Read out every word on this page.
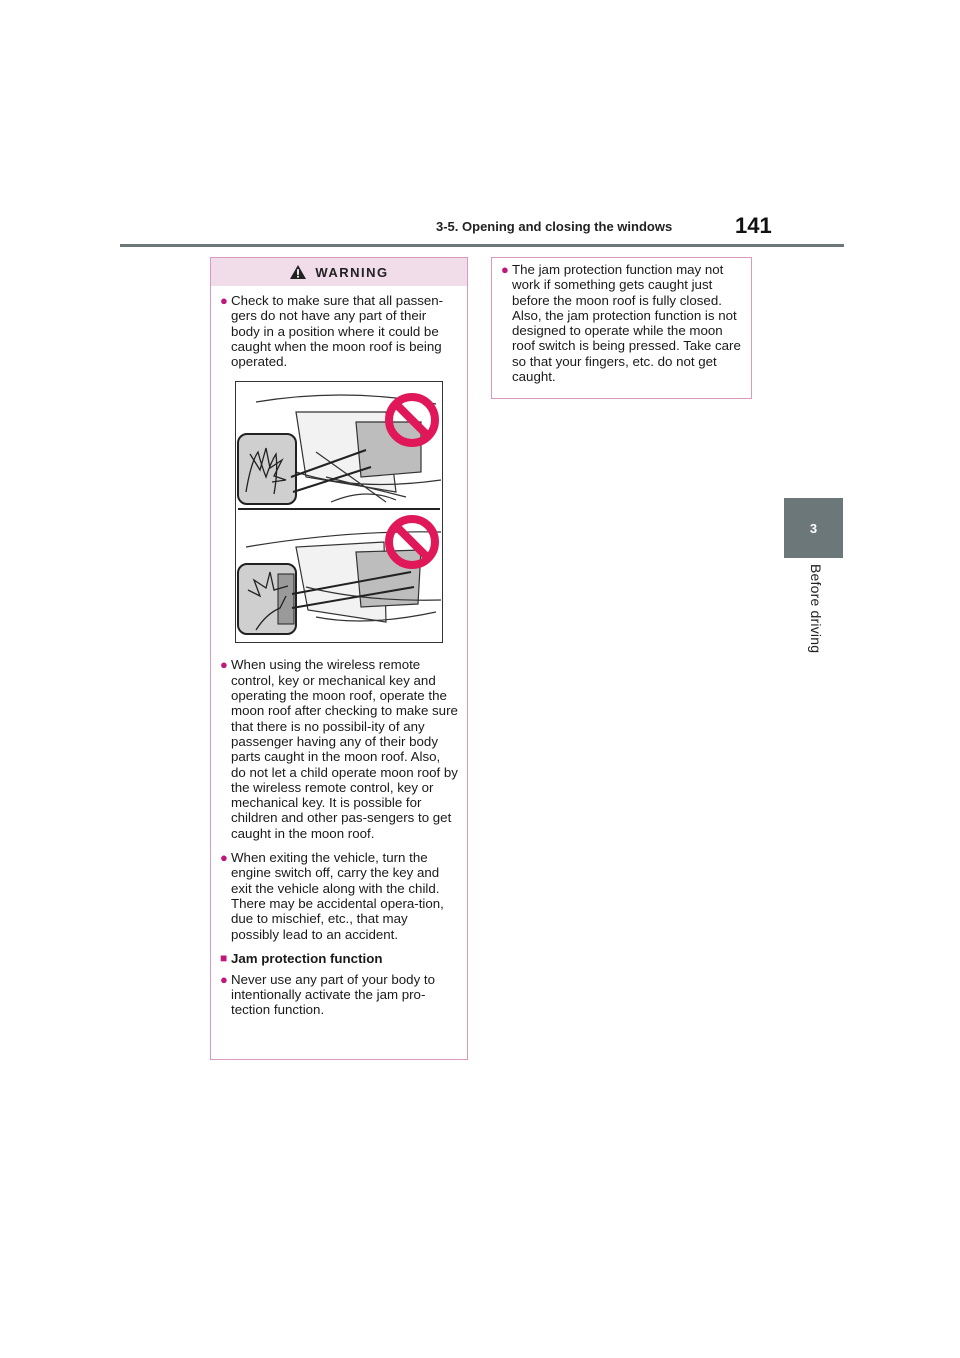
3-5. Opening and closing the windows	141
3
Before driving
WARNING
● Check to make sure that all passen-gers do not have any part of their body in a position where it could be caught when the moon roof is being operated.
● When using the wireless remote control, key or mechanical key and operating the moon roof, operate the moon roof after checking to make sure that there is no possibil-ity of any passenger having any of their body parts caught in the moon roof. Also, do not let a child operate moon roof by the wireless remote control, key or mechanical key. It is possible for children and other pas-sengers to get caught in the moon roof.
● When exiting the vehicle, turn the engine switch off, carry the key and exit the vehicle along with the child. There may be accidental opera-tion, due to mischief, etc., that may possibly lead to an accident.
■ Jam protection function
● Never use any part of your body to intentionally activate the jam pro-tection function.
● The jam protection function may not work if something gets caught just before the moon roof is fully closed. Also, the jam protection function is not designed to operate while the moon roof switch is being pressed. Take care so that your fingers, etc. do not get caught.
